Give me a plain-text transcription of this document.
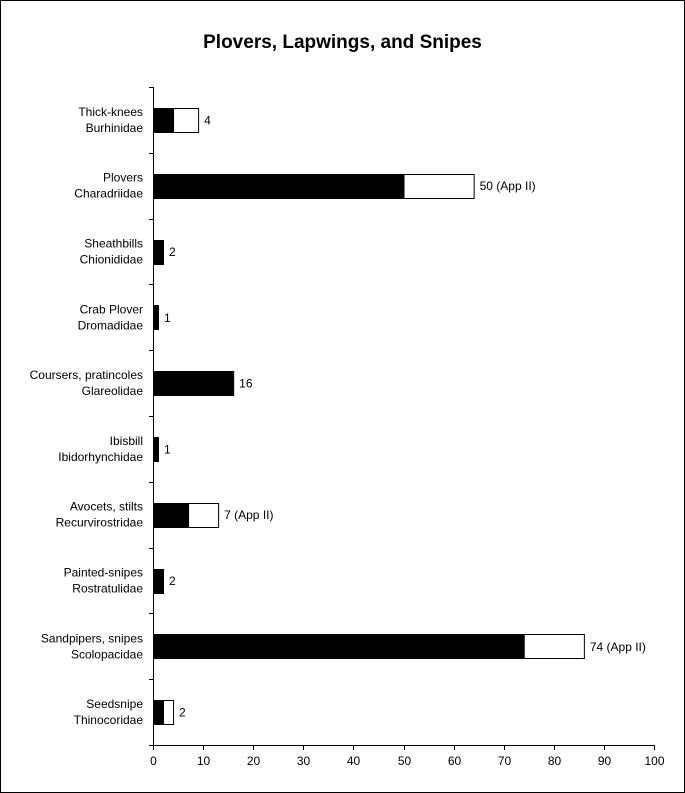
Plovers, Lapwings, and Snipes
0	10	20	30	40	50	60	70	80	90	100
Thick-knees
Burhinidae
4
Plovers
Charadriidae
50 (App II)
Sheathbills
Chionididae
2
Crab Plover
Dromadidae
1
Coursers, pratincoles
Glareolidae
16
Ibisbill
Ibidorhynchidae
1
Avocets, stilts
Recurvirostridae
7 (App II)
Painted-snipes
Rostratulidae
2
Sandpipers, snipes
Scolopacidae
74 (App II)
Seedsnipe
Thinocoridae
2
